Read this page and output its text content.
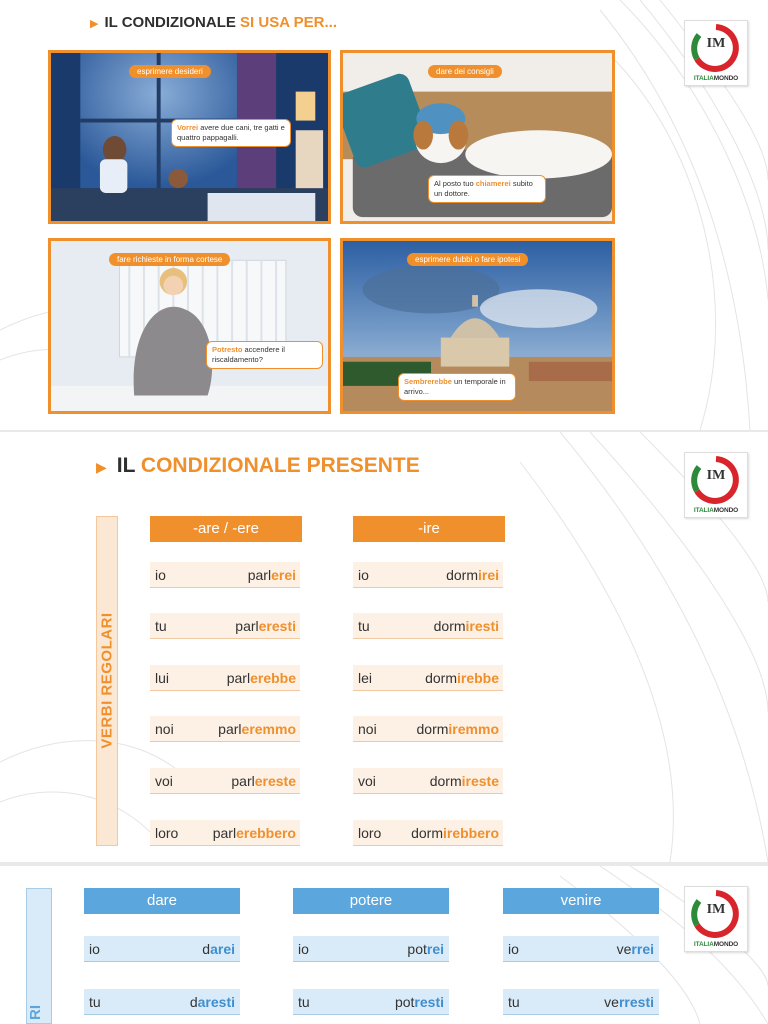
▶ IL CONDIZIONALE SI USA PER...
IM
ITALIAMONDO
esprimere desideri
Vorrei avere due cani, tre gatti e quattro pappagalli.
dare dei consigli
Al posto tuo chiamerei subito un dottore.
fare richieste in forma cortese
Potresto accendere il riscaldamento?
esprimere dubbi o fare ipotesi
Sembrerebbe un temporale in arrivo...
▶ IL CONDIZIONALE PRESENTE	IM
ITALIAMONDO
VERBI REGOLARI
-are / -ere	-ire
io	parlerei
tu	parleresti
lui	parlerebbe
noi	parleremmo
voi	parlereste
loro parlerebbero
io	dormirei
tu	dormiresti
lei	dormirebbe
noi	dormiremmo
voi	dormireste
loro dormirebbero
RI
dare	potere	venire
io	darei
tu	daresti
io	potrei
tu	potresti
io	verrei
tu	verresti
IM
ITALIAMONDO
